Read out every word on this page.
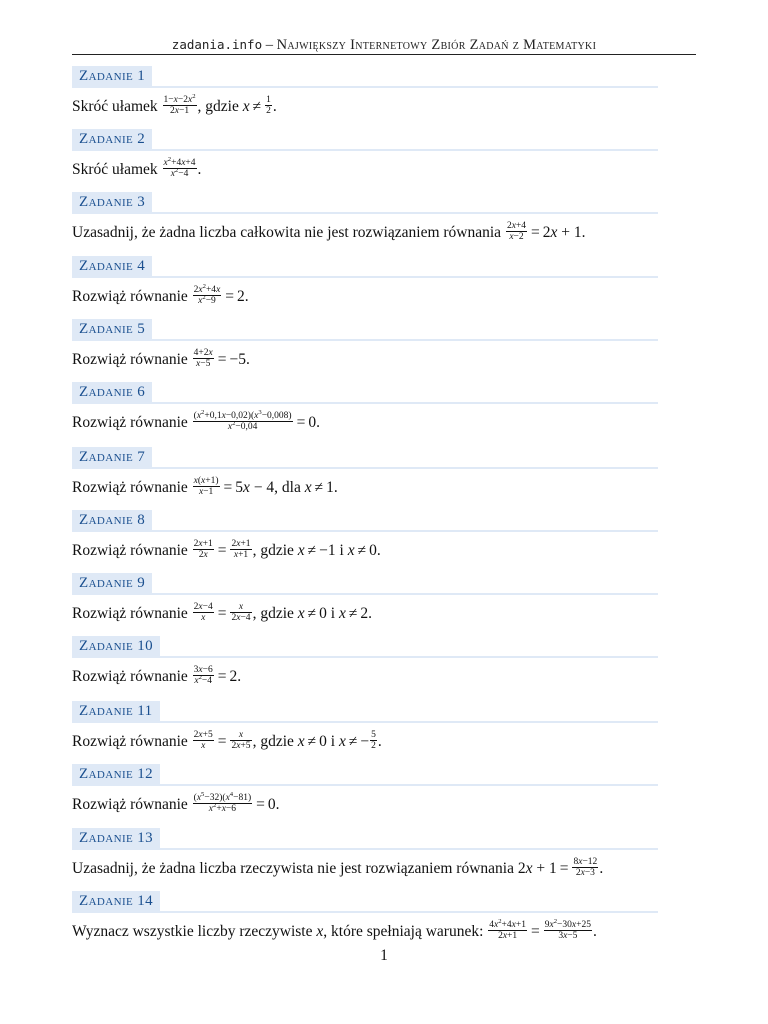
zadania.info – Największy Internetowy Zbiór Zadań z Matematyki
Zadanie 1
Skróć ułamek $\frac{1-x-2x^2}{2x-1}$ , gdzie $x \ne \frac{1}{2}$ .
Zadanie 2
Skróć ułamek $\frac{x^2+4x+4}{x^2-4}$ .
Zadanie 3
Uzasadnij, że żadna liczba całkowita nie jest rozwiązaniem równania $\frac{2x+4}{x-2} = 2x + 1$.
Zadanie 4
Rozwiąż równanie $\frac{2x^2+4x}{x^2-9} = 2$.
Zadanie 5
Rozwiąż równanie $\frac{4+2x}{x-5} = -5$.
Zadanie 6
Rozwiąż równanie $\frac{(x^2+0,1x-0,02)(x^3-0,008)}{x^2-0,04} = 0$.
Zadanie 7
Rozwiąż równanie $\frac{x(x+1)}{x-1} = 5x - 4$, dla x ≠ 1.
Zadanie 8
Rozwiąż równanie $\frac{2x+1}{2x} = \frac{2x+1}{x+1}$ , gdzie x ≠ −1 i x ≠ 0.
Zadanie 9
Rozwiąż równanie $\frac{2x-4}{x} = \frac{x}{2x-4}$ , gdzie x ≠ 0 i x ≠ 2.
Zadanie 10
Rozwiąż równanie $\frac{3x-6}{x^2-4} = 2$.
Zadanie 11
Rozwiąż równanie $\frac{2x+5}{x} = \frac{x}{2x+5}$ , gdzie x ≠ 0 i x ≠ − $\frac{5}{2}$ .
Zadanie 12
Rozwiąż równanie $\frac{(x^5-32)(x^4-81)}{x^2+x-6} = 0$.
Zadanie 13
Uzasadnij, że żadna liczba rzeczywista nie jest rozwiązaniem równania $2x + 1 = \frac{8x-12}{2x-3}$ .
Zadanie 14
Wyznacz wszystkie liczby rzeczywiste x, które spełniają warunek: $\frac{4x^2+4x+1}{2x+1} = \frac{9x^2-30x+25}{3x-5}$ .
1
